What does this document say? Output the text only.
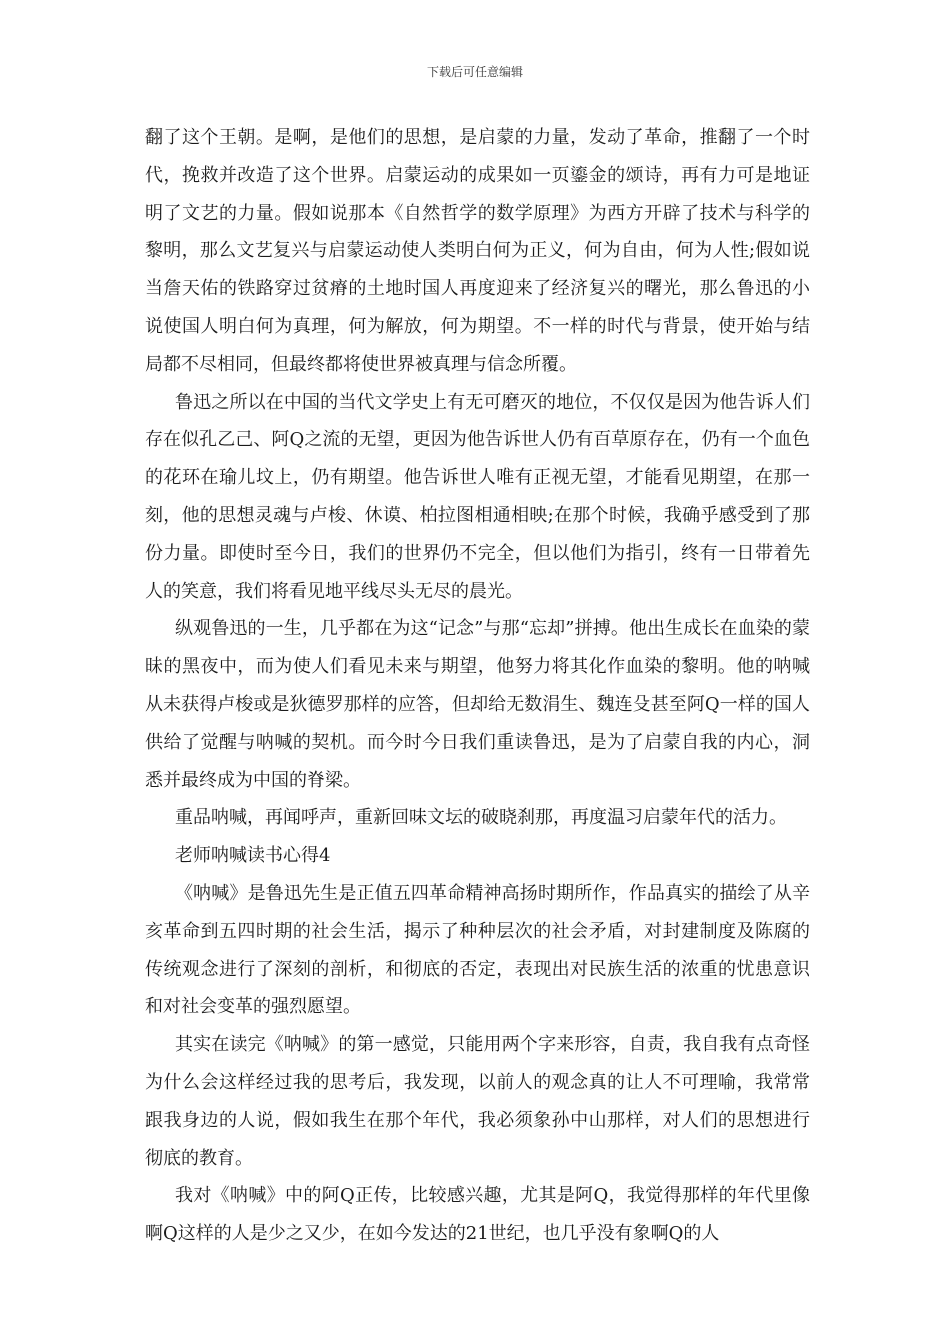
下载后可任意编辑

翻了这个王朝。是啊，是他们的思想，是启蒙的力量，发动了革命，推翻了一个时代，挽救并改造了这个世界。启蒙运动的成果如一页鎏金的颂诗，再有力可是地证明了文艺的力量。假如说那本《自然哲学的数学原理》为西方开辟了技术与科学的黎明，那么文艺复兴与启蒙运动使人类明白何为正义，何为自由，何为人性;假如说当詹天佑的铁路穿过贫瘠的土地时国人再度迎来了经济复兴的曙光，那么鲁迅的小说使国人明白何为真理，何为解放，何为期望。不一样的时代与背景，使开始与结局都不尽相同，但最终都将使世界被真理与信念所覆。

鲁迅之所以在中国的当代文学史上有无可磨灭的地位，不仅仅是因为他告诉人们存在似孔乙己、阿Q之流的无望，更因为他告诉世人仍有百草原存在，仍有一个血色的花环在瑜儿坟上，仍有期望。他告诉世人唯有正视无望，才能看见期望，在那一刻，他的思想灵魂与卢梭、休谟、柏拉图相通相映;在那个时候，我确乎感受到了那份力量。即使时至今日，我们的世界仍不完全，但以他们为指引，终有一日带着先人的笑意，我们将看见地平线尽头无尽的晨光。

纵观鲁迅的一生，几乎都在为这“记念”与那“忘却”拼搏。他出生成长在血染的蒙昧的黑夜中，而为使人们看见未来与期望，他努力将其化作血染的黎明。他的呐喊从未获得卢梭或是狄德罗那样的应答，但却给无数涓生、魏连殳甚至阿Q一样的国人供给了觉醒与呐喊的契机。而今时今日我们重读鲁迅，是为了启蒙自我的内心，洞悉并最终成为中国的脊梁。

重品呐喊，再闻呼声，重新回味文坛的破晓刹那，再度温习启蒙年代的活力。

老师呐喊读书心得4

《呐喊》是鲁迅先生是正值五四革命精神高扬时期所作，作品真实的描绘了从辛亥革命到五四时期的社会生活，揭示了种种层次的社会矛盾，对封建制度及陈腐的传统观念进行了深刻的剖析，和彻底的否定，表现出对民族生活的浓重的忧患意识和对社会变革的强烈愿望。

其实在读完《呐喊》的第一感觉，只能用两个字来形容，自责，我自我有点奇怪为什么会这样经过我的思考后，我发现，以前人的观念真的让人不可理喻，我常常跟我身边的人说，假如我生在那个年代，我必须象孙中山那样，对人们的思想进行彻底的教育。

我对《呐喊》中的阿Q正传，比较感兴趣，尤其是阿Q，我觉得那样的年代里像啊Q这样的人是少之又少，在如今发达的21世纪，也几乎没有象啊Q的人
